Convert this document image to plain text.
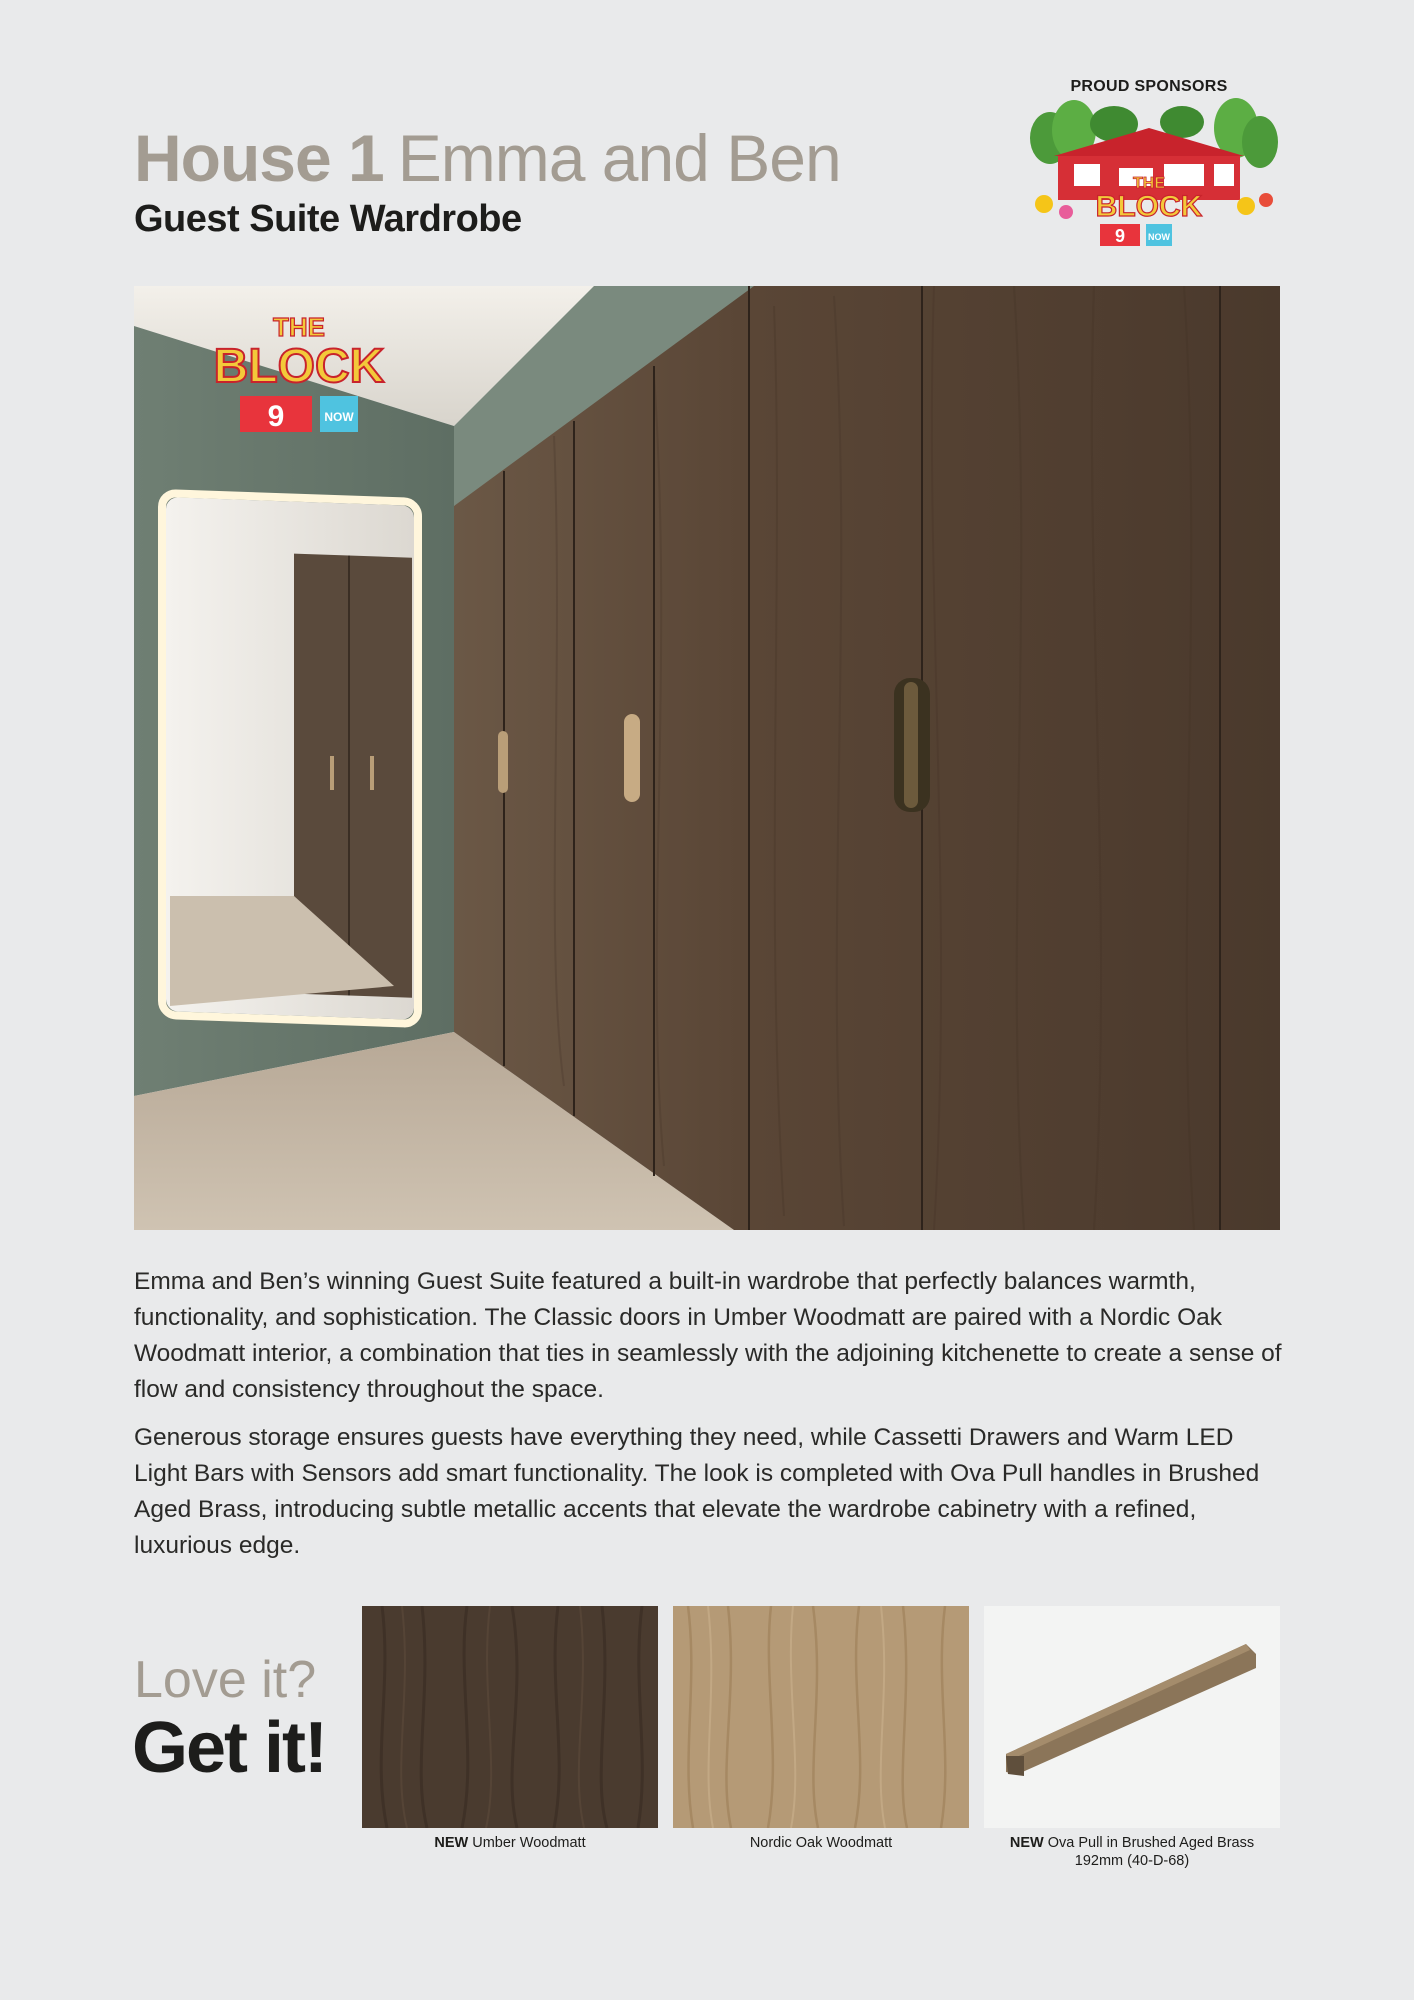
House 1 Emma and Ben
Guest Suite Wardrobe
PROUD SPONSORS
THE
BLOCK
9	NOW
THE
BLOCK
9	NOW

Emma and Ben’s winning Guest Suite featured a built-in wardrobe that perfectly balances warmth, functionality, and sophistication. The Classic doors in Umber Woodmatt are paired with a Nordic Oak Woodmatt interior, a combination that ties in seamlessly with the adjoining kitchenette to create a sense of flow and consistency throughout the space.

Generous storage ensures guests have everything they need, while Cassetti Drawers and Warm LED Light Bars with Sensors add smart functionality. The look is completed with Ova Pull handles in Brushed Aged Brass, introducing subtle metallic accents that elevate the wardrobe cabinetry with a refined, luxurious edge.

Love it?
Get it!
NEW Umber Woodmatt	Nordic Oak Woodmatt	NEW Ova Pull in Brushed Aged Brass
192mm (40-D-68)
